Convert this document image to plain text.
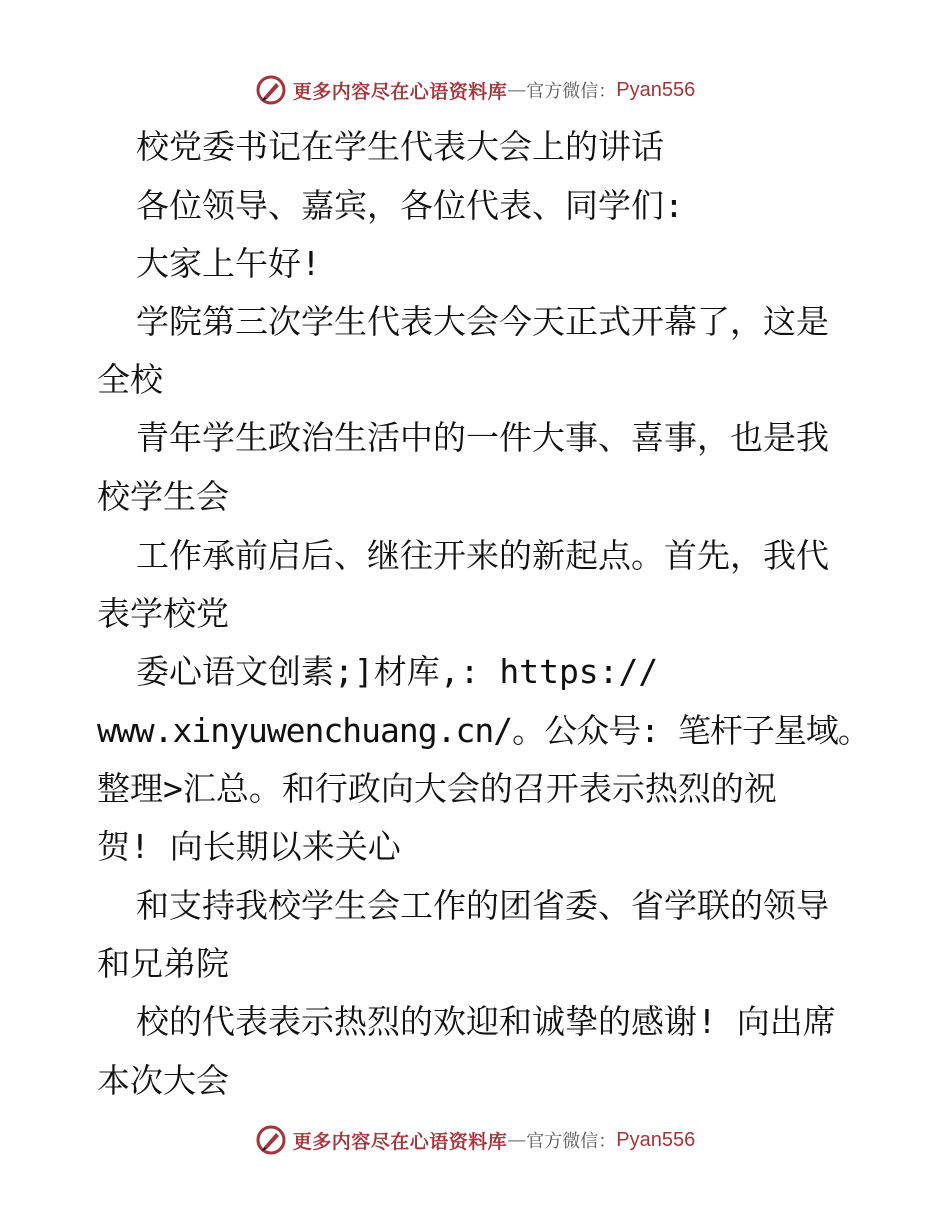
更多内容尽在心语资料库 — 官方微信： Pyan556
校党委书记在学生代表大会上的讲话
各位领导、嘉宾，各位代表、同学们:
大家上午好!
学院第三次学生代表大会今天正式开幕了，这是
全校
青年学生政治生活中的一件大事、喜事，也是我
校学生会
工作承前启后、继往开来的新起点。首先，我代
表学校党
委心语文创素;]材库,: https://
www.xinyuwenchuang.cn/。公众号: 笔杆子星域。
整理>汇总。和行政向大会的召开表示热烈的祝
贺! 向长期以来关心
和支持我校学生会工作的团省委、省学联的领导
和兄弟院
校的代表表示热烈的欢迎和诚挚的感谢! 向出席
本次大会
更多内容尽在心语资料库 — 官方微信： Pyan556
